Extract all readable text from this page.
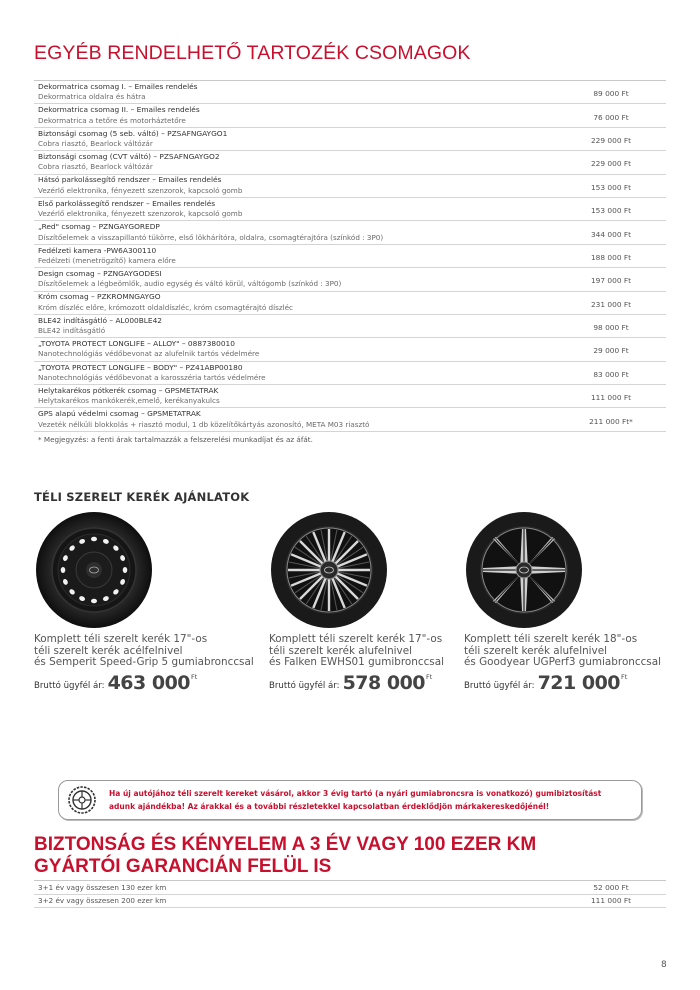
EGYÉB RENDELHETŐ TARTOZÉK CSOMAGOK
Dekormatrica csomag I. – Emailes rendelés
Dekormatrica oldalra és hátra	89 000 Ft
Dekormatrica csomag II. – Emailes rendelés
Dekormatrica a tetőre és motorháztetőre	76 000 Ft
Biztonsági csomag (5 seb. váltó) – PZSAFNGAYGO1
Cobra riasztó, Bearlock váltózár	229 000 Ft
Biztonsági csomag (CVT váltó) – PZSAFNGAYGO2
Cobra riasztó, Bearlock váltózár	229 000 Ft
Hátsó parkolássegítő rendszer – Emailes rendelés
Vezérlő elektronika, fényezett szenzorok, kapcsoló gomb	153 000 Ft
Első parkolássegítő rendszer – Emailes rendelés
Vezérlő elektronika, fényezett szenzorok, kapcsoló gomb	153 000 Ft
„Red" csomag – PZNGAYGOREDP
Díszítőelemek a visszapillantó tükörre, első lökhárítóra, oldalra, csomagtérajtóra (színkód : 3P0)	344 000 Ft
Fedélzeti kamera -PW6A300110
Fedélzeti (menetrögzítő) kamera előre	188 000 Ft
Design csomag – PZNGAYGODESI
Díszítőelemek a légbeömlők, audio egység és váltó körül, váltógomb (színkód : 3P0)	197 000 Ft
Króm csomag – PZKROMNGAYGO
Króm díszléc előre, krómozott oldaldíszléc, króm csomagtérajtó díszléc	231 000 Ft
BLE42 indításgátló – AL000BLE42
BLE42 indításgátló	98 000 Ft
„TOYOTA PROTECT LONGLIFE – ALLOY" – 0887380010
Nanotechnológiás védőbevonat az alufelnik tartós védelmére	29 000 Ft
„TOYOTA PROTECT LONGLIFE – BODY" – PZ41ABP00180
Nanotechnológiás védőbevonat a karosszéria tartós védelmére	83 000 Ft
Helytakarékos pótkerék csomag – GPSMETATRAK
Helytakarékos mankókerék,emelő, kerékanyakulcs	111 000 Ft
GPS alapú védelmi csomag – GPSMETATRAK
Vezeték nélküli blokkolás + riasztó modul, 1 db közelítőkártyás azonosító, META M03 riasztó	211 000 Ft*
* Megjegyzés: a fenti árak tartalmazzák a felszerelési munkadíjat és az áfát.
TÉLI SZERELT KERÉK AJÁNLATOK
Komplett téli szerelt kerék 17"-os
téli szerelt kerék acélfelnivel
és Semperit Speed-Grip 5 gumiabronccsal
Bruttó ügyfél ár: 463 000 Ft
Komplett téli szerelt kerék 17"-os
téli szerelt kerék alufelnivel
és Falken EWHS01 gumibronccsal
Bruttó ügyfél ár: 578 000 Ft
Komplett téli szerelt kerék 18"-os
téli szerelt kerék alufelnivel
és Goodyear UGPerf3 gumiabronccsal
Bruttó ügyfél ár: 721 000 Ft
Ha új autójához téli szerelt kereket vásárol, akkor 3 évig tartó (a nyári gumiabroncsra is vonatkozó) gumibiztosítást
adunk ajándékba! Az árakkal és a további részletekkel kapcsolatban érdeklődjön márkakereskedőjénél!
BIZTONSÁG ÉS KÉNYELEM A 3 ÉV VAGY 100 EZER KM
GYÁRTÓI GARANCIÁN FELÜL IS
3+1 év vagy összesen 130 ezer km	52 000 Ft
3+2 év vagy összesen 200 ezer km	111 000 Ft
8
